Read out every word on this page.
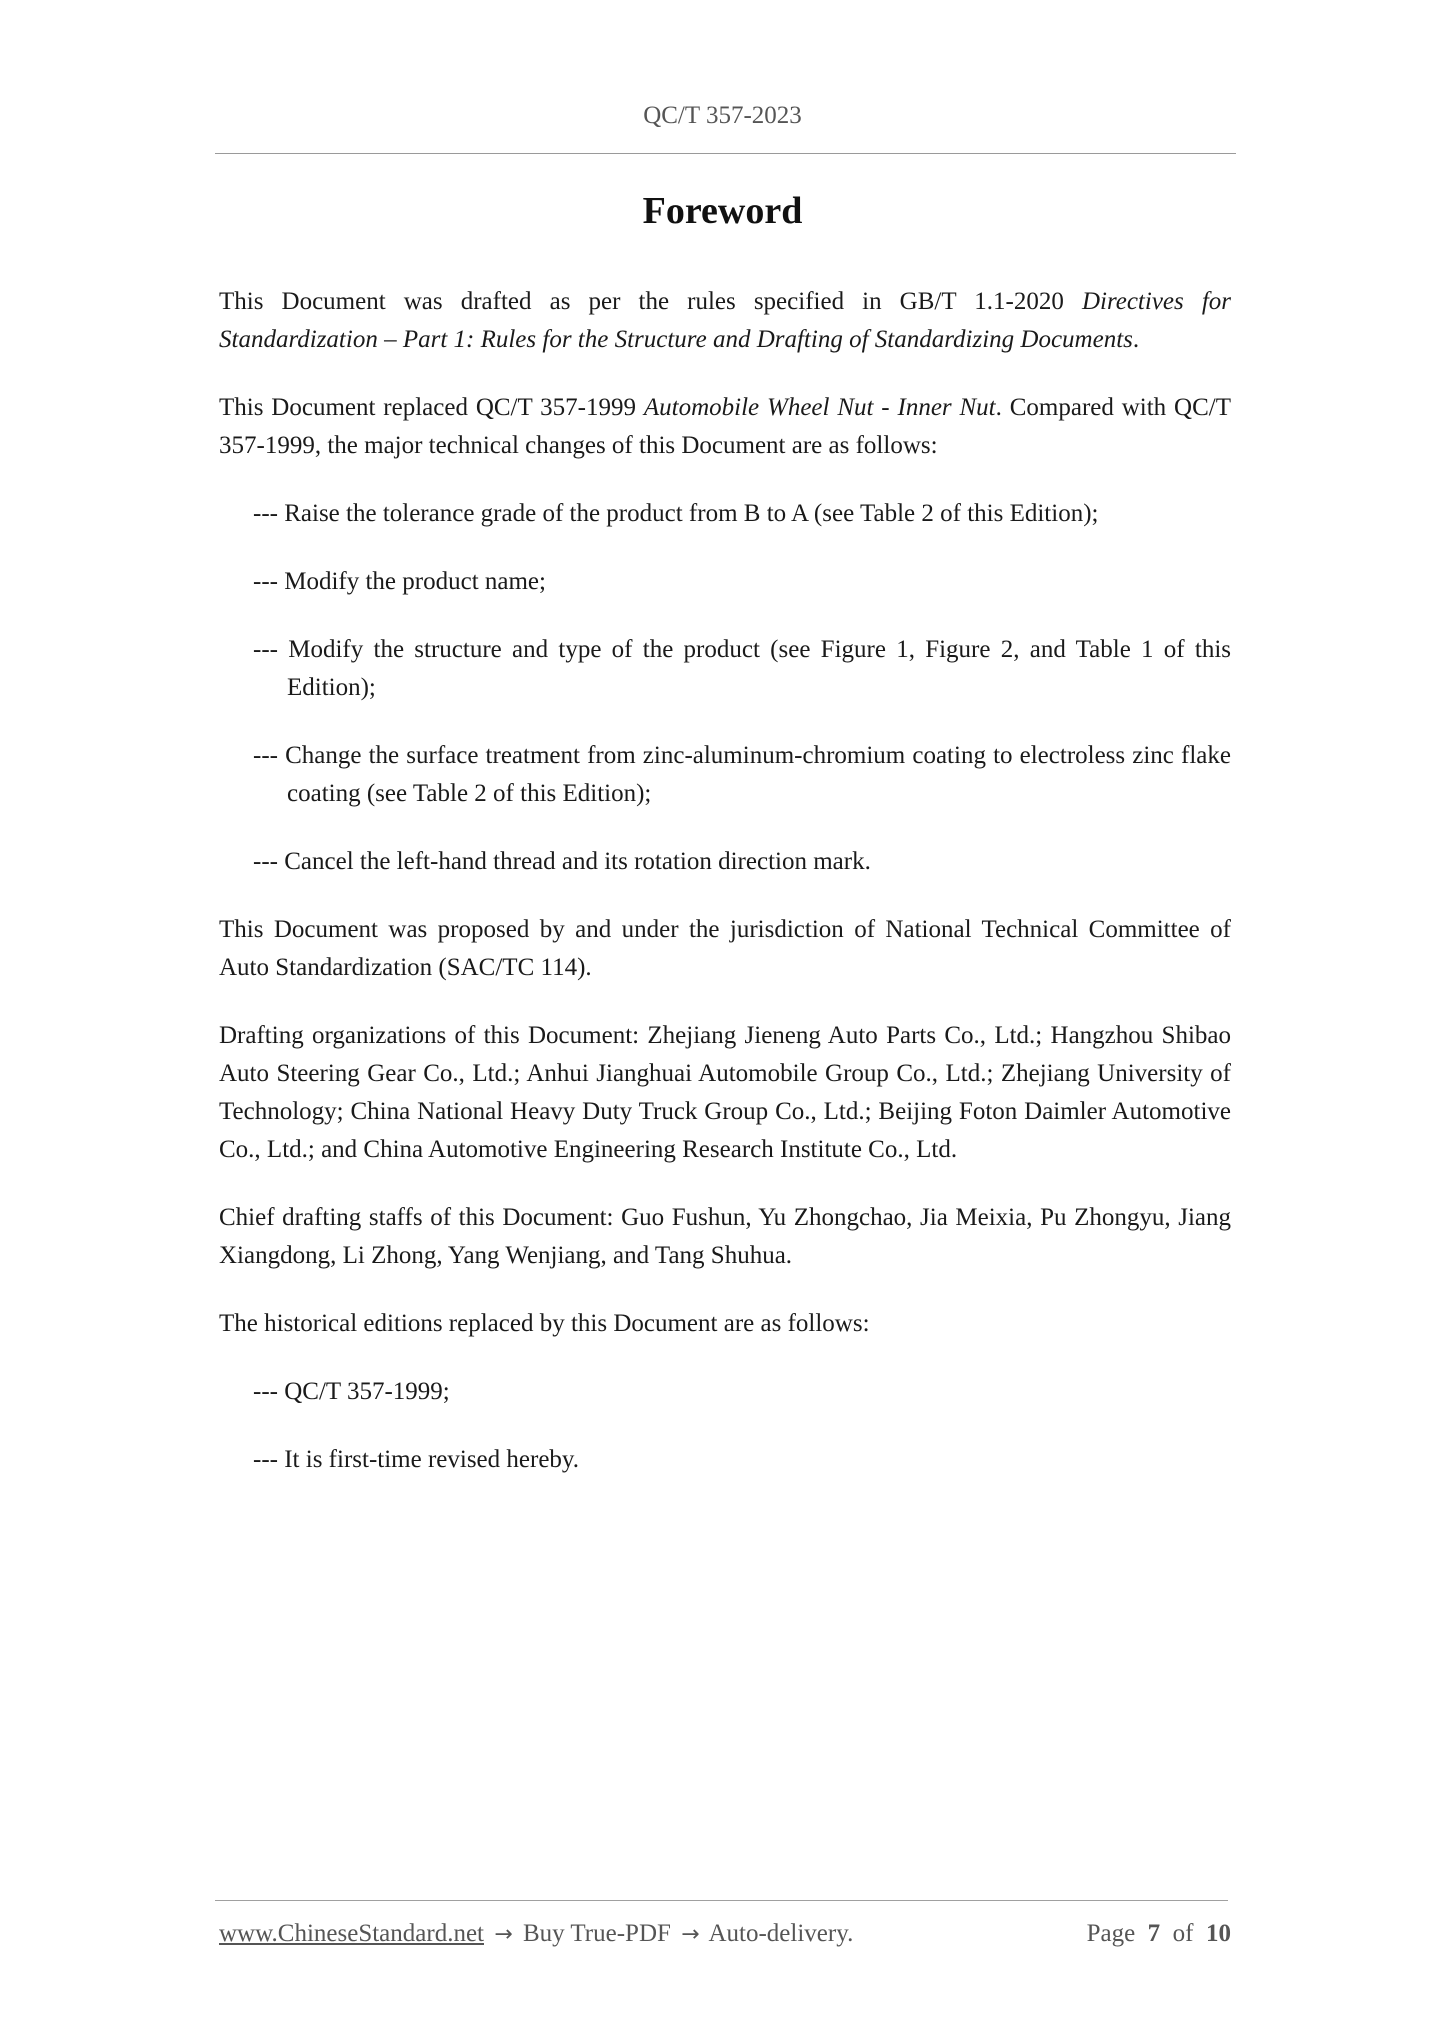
QC/T 357-2023
Foreword

This Document was drafted as per the rules specified in GB/T 1.1-2020 Directives for Standardization – Part 1: Rules for the Structure and Drafting of Standardizing Documents.

This Document replaced QC/T 357-1999 Automobile Wheel Nut - Inner Nut. Compared with QC/T 357-1999, the major technical changes of this Document are as follows:

--- Raise the tolerance grade of the product from B to A (see Table 2 of this Edition);

--- Modify the product name;

--- Modify the structure and type of the product (see Figure 1, Figure 2, and Table 1 of this Edition);

--- Change the surface treatment from zinc-aluminum-chromium coating to electroless zinc flake coating (see Table 2 of this Edition);

--- Cancel the left-hand thread and its rotation direction mark.

This Document was proposed by and under the jurisdiction of National Technical Committee of Auto Standardization (SAC/TC 114).

Drafting organizations of this Document: Zhejiang Jieneng Auto Parts Co., Ltd.; Hangzhou Shibao Auto Steering Gear Co., Ltd.; Anhui Jianghuai Automobile Group Co., Ltd.; Zhejiang University of Technology; China National Heavy Duty Truck Group Co., Ltd.; Beijing Foton Daimler Automotive Co., Ltd.; and China Automotive Engineering Research Institute Co., Ltd.

Chief drafting staffs of this Document: Guo Fushun, Yu Zhongchao, Jia Meixia, Pu Zhongyu, Jiang Xiangdong, Li Zhong, Yang Wenjiang, and Tang Shuhua.

The historical editions replaced by this Document are as follows:

--- QC/T 357-1999;

--- It is first-time revised hereby.

www.ChineseStandard.net → Buy True-PDF → Auto-delivery.	Page 7 of 10
